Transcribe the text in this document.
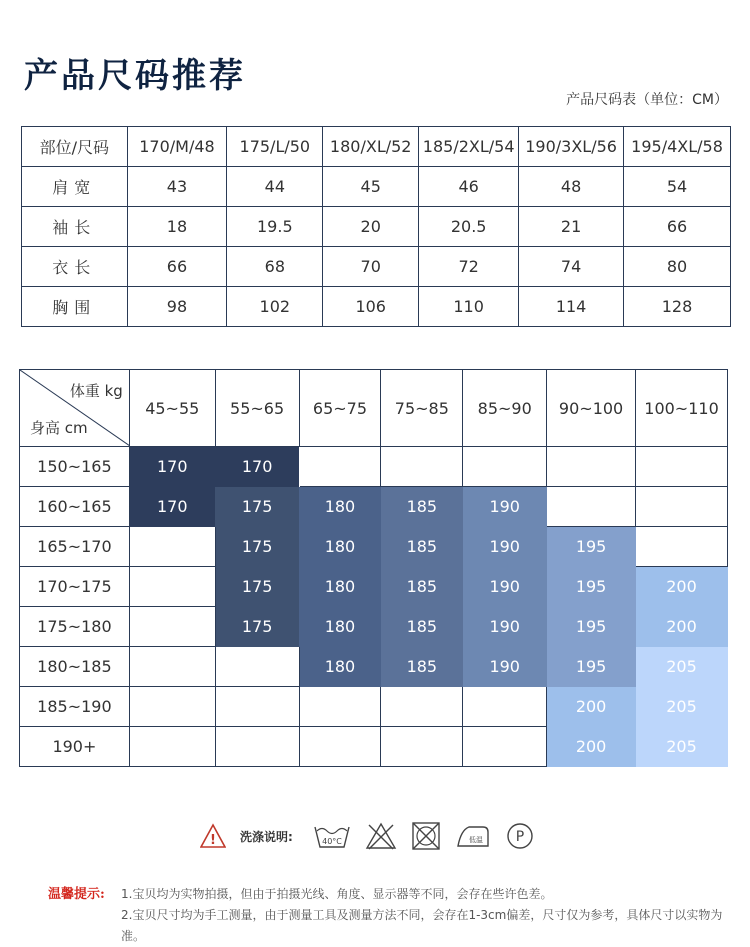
产品尺码推荐
产品尺码表（单位：CM）
部位/尺码	170/M/48	175/L/50	180/XL/52	185/2XL/54	190/3XL/56	195/4XL/58
肩宽	43	44	45	46	48	54
袖长	18	19.5	20	20.5	21	66
衣长	66	68	70	72	74	80
胸围	98	102	106	110	114	128
体重 kg
身高 cm	45~55	55~65	65~75	75~85	85~90	90~100	100~110
150~165	170	170					
160~165	170	175	180	185	190		
165~170		175	180	185	190	195	
170~175		175	180	185	190	195	200
175~180		175	180	185	190	195	200
180~185			180	185	190	195	205
185~190						200	205
190+						200	205
! 洗涤说明:	40°C	低温 P
温馨提示: 1.宝贝均为实物拍摄，但由于拍摄光线、角度、显示器等不同，会存在些许色差。
2.宝贝尺寸均为手工测量，由于测量工具及测量方法不同，会存在1-3cm偏差，尺寸仅为参考，具体尺寸以实物为准。
